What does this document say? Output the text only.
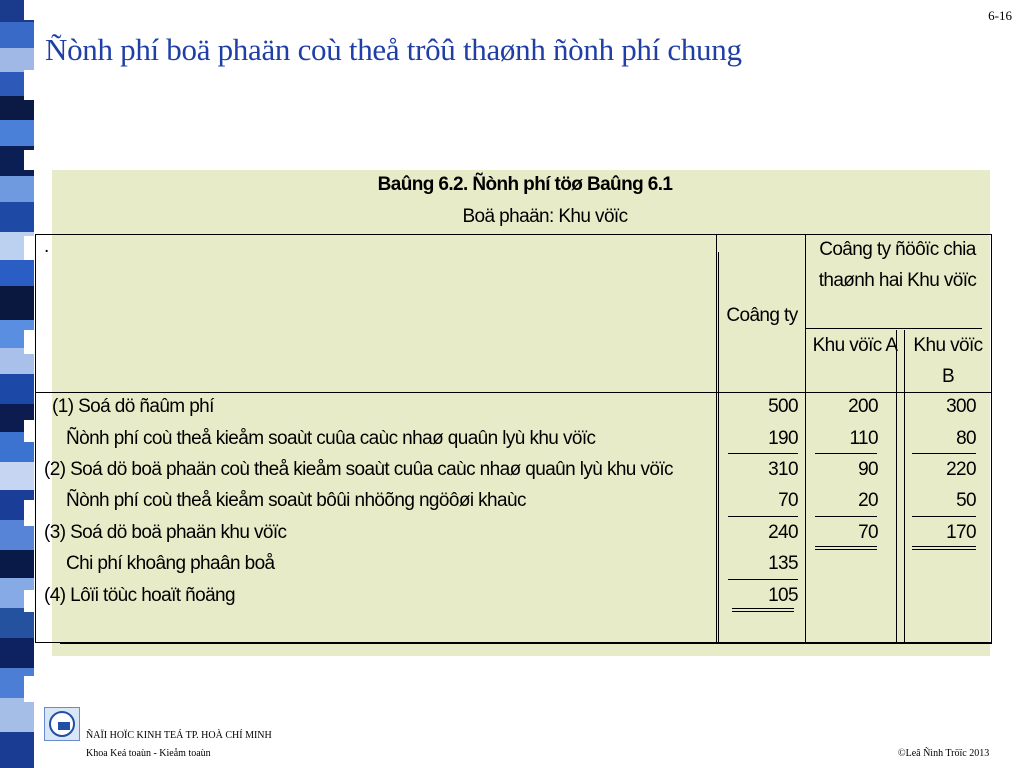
6-16
Ñònh phí boä phaän coù theå trôû thaønh ñònh phí chung
Baûng 6.2. Ñònh phí töø Baûng 6.1
Boä phaän: Khu vöïc
.
Coâng ty
Coâng ty ñöôïc chia thaønh hai Khu vöïc
Khu vöïc A Khu vöïc B
(1) Soá dö ñaûm phí
Ñònh phí coù theå kieåm soaùt cuûa caùc nhaø quaûn lyù khu vöïc
(2) Soá dö boä phaän coù theå kieåm soaùt cuûa caùc nhaø quaûn lyù khu vöïc
Ñònh phí coù theå kieåm soaùt bôûi nhöõng ngöôøi khaùc
(3) Soá dö boä phaän khu vöïc
Chi phí khoâng phaân boå
(4) Lôïi töùc hoaït ñoäng
500
190
310
70
240
135
105
200
110
90
20
70
300
80
220
50
170
ÑAÏI HOÏC KINH TEÁ TP. HOÀ CHÍ MINH
Khoa Keá toaùn - Kieåm toaùn	©Leâ Ñình Tröïc 2013
